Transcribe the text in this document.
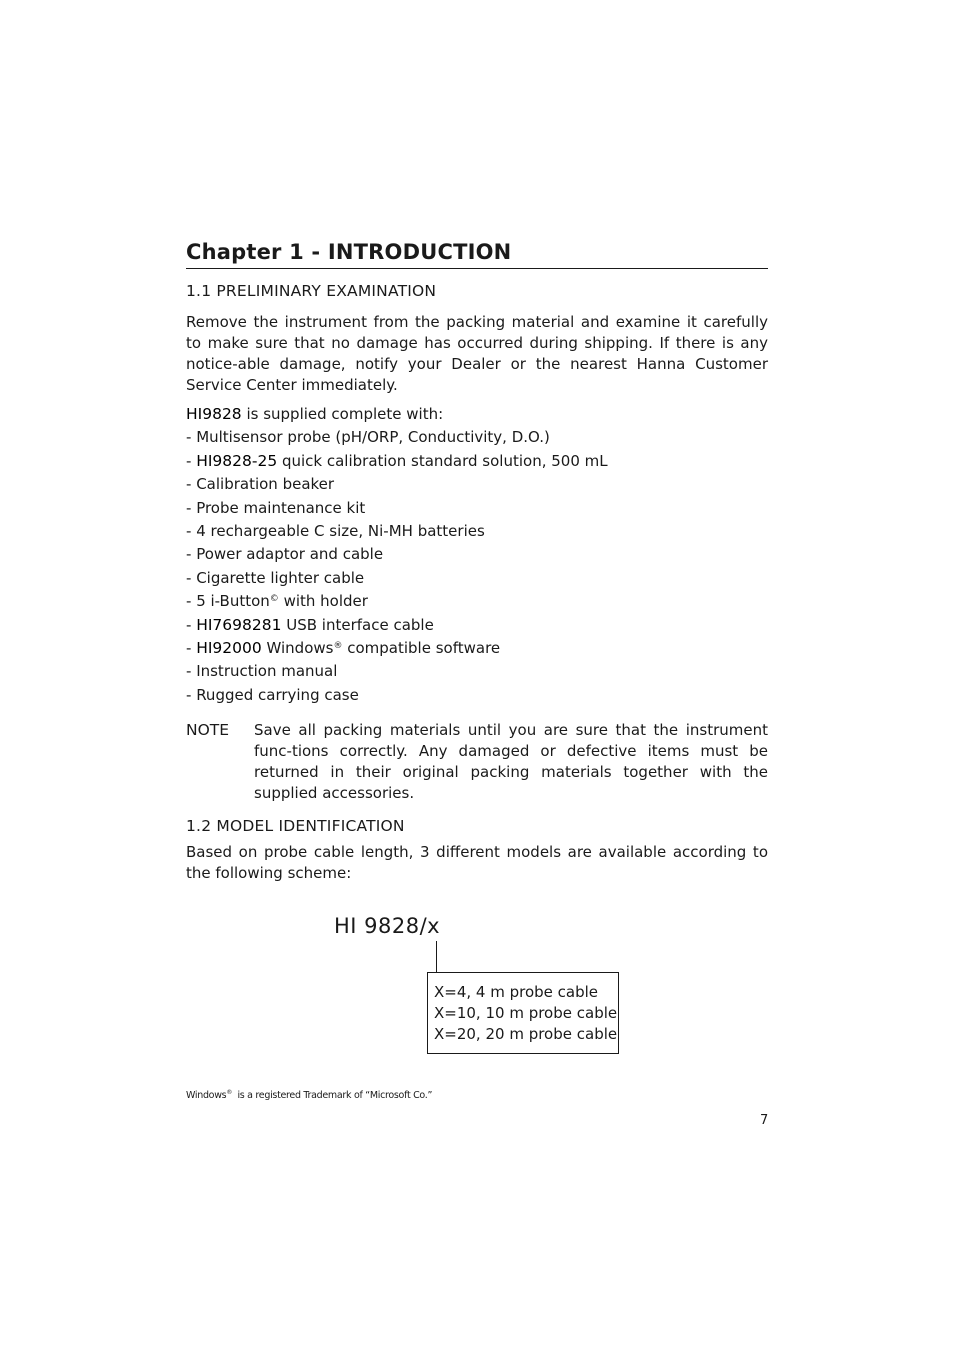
Chapter 1 - INTRODUCTION
1.1 PRELIMINARY EXAMINATION

Remove the instrument from the packing material and examine it carefully to make sure that no damage has occurred during shipping. If there is any notice-able damage, notify your Dealer or the nearest Hanna Customer Service Center immediately.

HI9828 is supplied complete with:
- Multisensor probe (pH/ORP, Conductivity, D.O.)
- HI9828-25 quick calibration standard solution, 500 mL
- Calibration beaker
- Probe maintenance kit
- 4 rechargeable C size, Ni-MH batteries
- Power adaptor and cable
- Cigarette lighter cable
- 5 i-Button© with holder
- HI7698281 USB interface cable
- HI92000 Windows® compatible software
- Instruction manual
- Rugged carrying case
NOTE Save all packing materials until you are sure that the instrument func-tions correctly. Any damaged or defective items must be returned in their original packing materials together with the supplied accessories.

1.2 MODEL IDENTIFICATION

Based on probe cable length, 3 different models are available according to the following scheme:

HI 9828/x
X=4, 4 m probe cable
X=10, 10 m probe cable
X=20, 20 m probe cable
Windows®  is a registered Trademark of “Microsoft Co.”
7
